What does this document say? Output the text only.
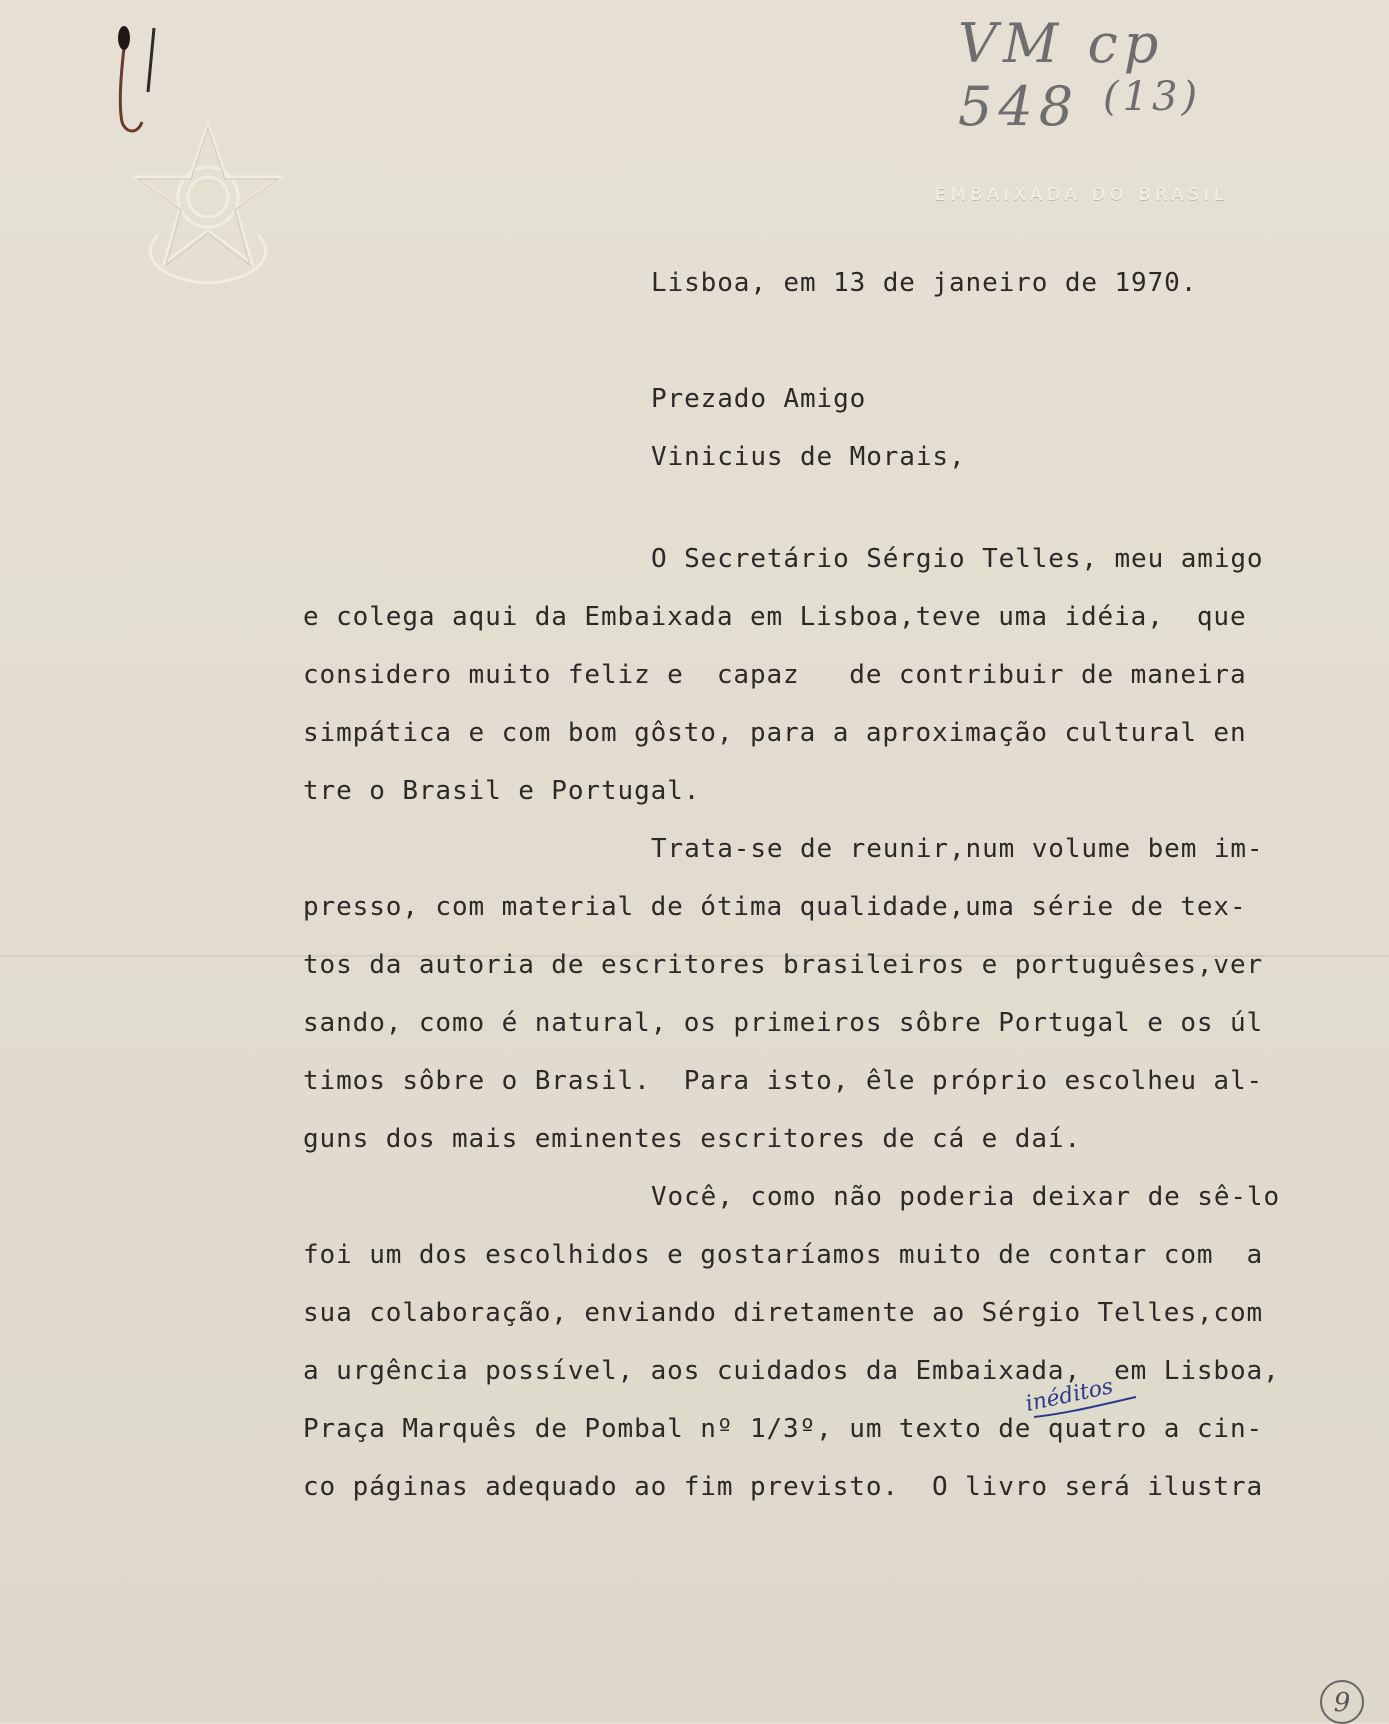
VM cp 548 (13)
EMBAIXADA DO BRASIL
Lisboa, em 13 de janeiro de 1970.
Prezado Amigo
Vinicius de Morais,
O Secretário Sérgio Telles, meu amigo
e colega aqui da Embaixada em Lisboa,teve uma idéia,  que
considero muito feliz e  capaz   de contribuir de maneira
simpática e com bom gôsto, para a aproximação cultural en
tre o Brasil e Portugal.
Trata-se de reunir,num volume bem im-
presso, com material de ótima qualidade,uma série de tex-
tos da autoria de escritores brasileiros e portuguêses,ver
sando, como é natural, os primeiros sôbre Portugal e os úl
timos sôbre o Brasil.  Para isto, êle próprio escolheu al-
guns dos mais eminentes escritores de cá e daí.
Você, como não poderia deixar de sê-lo
foi um dos escolhidos e gostaríamos muito de contar com  a
sua colaboração, enviando diretamente ao Sérgio Telles,com
a urgência possível, aos cuidados da Embaixada,  em Lisboa,
Praça Marquês de Pombal nº 1/3º, um texto de quatro a cin-
co páginas adequado ao fim previsto.  O livro será ilustra
inéditos
9
